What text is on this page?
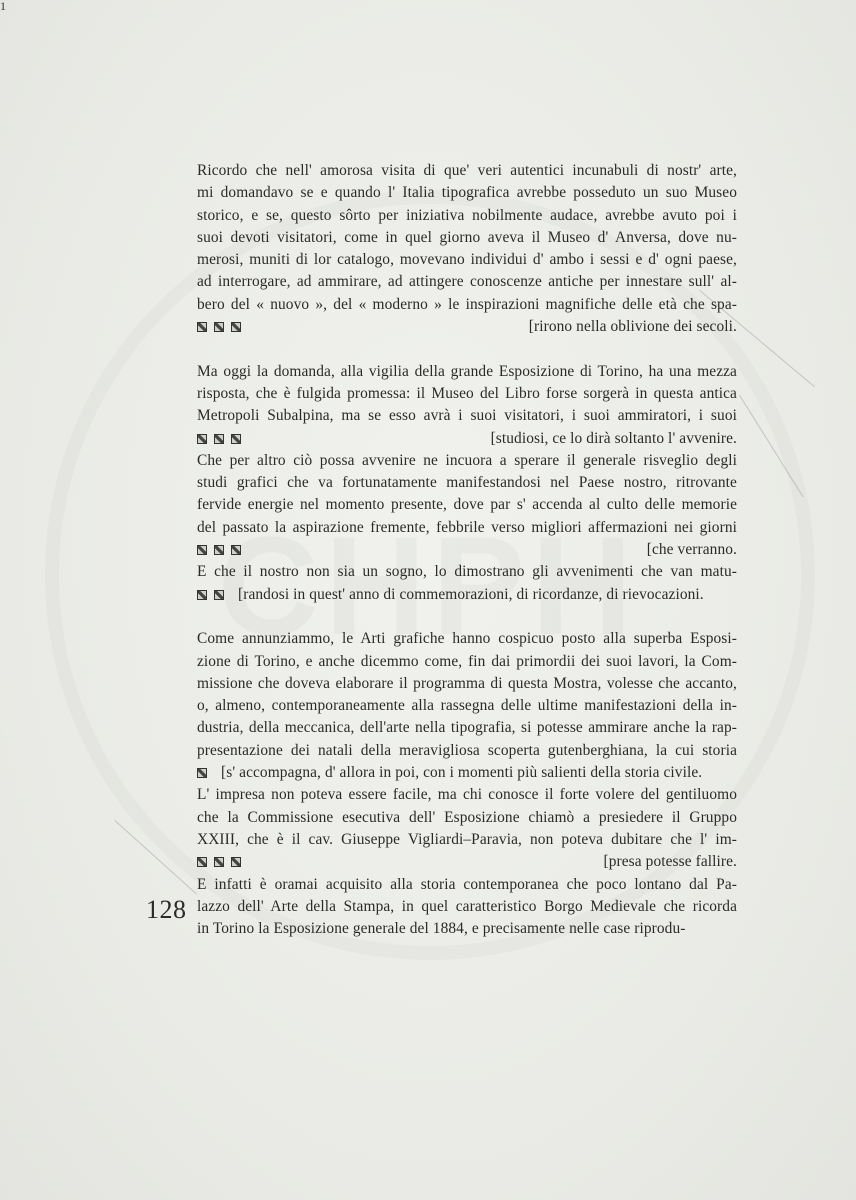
1
Ricordo che nell' amorosa visita di que' veri autentici incunabuli di nostr' arte,
mi domandavo se e quando l' Italia tipografica avrebbe posseduto un suo Museo
storico, e se, questo sôrto per iniziativa nobilmente audace, avrebbe avuto poi i
suoi devoti visitatori, come in quel giorno aveva il Museo d' Anversa, dove nu-
merosi, muniti di lor catalogo, movevano individui d' ambo i sessi e d' ogni paese,
ad interrogare, ad ammirare, ad attingere conoscenze antiche per innestare sull' al-
bero del « nuovo », del « moderno » le inspirazioni magnifiche delle età che spa-
[rirono nella oblivione dei secoli.
Ma oggi la domanda, alla vigilia della grande Esposizione di Torino, ha una mezza
risposta, che è fulgida promessa: il Museo del Libro forse sorgerà in questa antica
Metropoli Subalpina, ma se esso avrà i suoi visitatori, i suoi ammiratori, i suoi
[studiosi, ce lo dirà soltanto l' avvenire.
Che per altro ciò possa avvenire ne incuora a sperare il generale risveglio degli
studi grafici che va fortunatamente manifestandosi nel Paese nostro, ritrovante
fervide energie nel momento presente, dove par s' accenda al culto delle memorie
del passato la aspirazione fremente, febbrile verso migliori affermazioni nei giorni
[che verranno.
E che il nostro non sia un sogno, lo dimostrano gli avvenimenti che van matu-
[randosi in quest' anno di commemorazioni, di ricordanze, di rievocazioni.
Come annunziammo, le Arti grafiche hanno cospicuo posto alla superba Esposi-
zione di Torino, e anche dicemmo come, fin dai primordii dei suoi lavori, la Com-
missione che doveva elaborare il programma di questa Mostra, volesse che accanto,
o, almeno, contemporaneamente alla rassegna delle ultime manifestazioni della in-
dustria, della meccanica, dell'arte nella tipografia, si potesse ammirare anche la rap-
presentazione dei natali della meravigliosa scoperta gutenberghiana, la cui storia
[s' accompagna, d' allora in poi, con i momenti più salienti della storia civile.
L' impresa non poteva essere facile, ma chi conosce il forte volere del gentiluomo
che la Commissione esecutiva dell' Esposizione chiamò a presiedere il Gruppo
XXIII, che è il cav. Giuseppe Vigliardi–Paravia, non poteva dubitare che l' im-
[presa potesse fallire.
E infatti è oramai acquisito alla storia contemporanea che poco lontano dal Pa-
lazzo dell' Arte della Stampa, in quel caratteristico Borgo Medievale che ricorda
in Torino la Esposizione generale del 1884, e precisamente nelle case riprodu-
128
